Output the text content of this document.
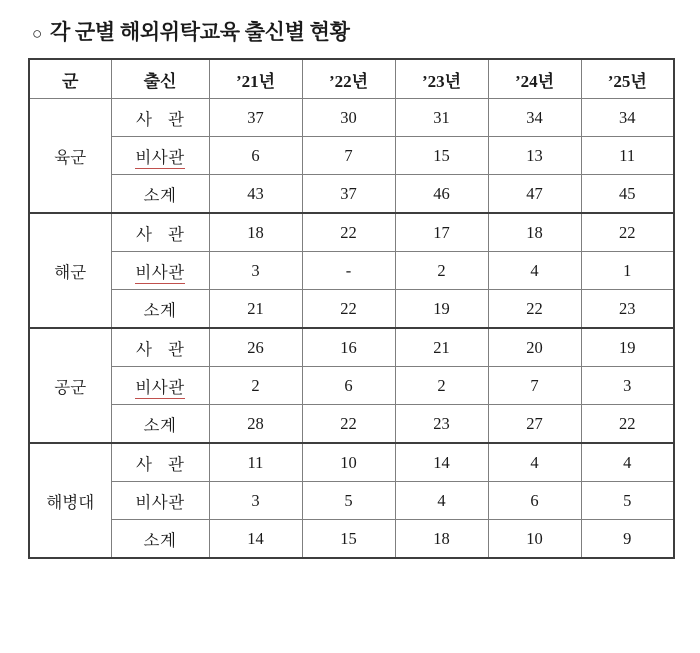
○ 각 군별 해외위탁교육 출신별 현황
군	출신	’21년	’22년	’23년	’24년	’25년
육군	사 관	37	30	31	34	34
	비사관	6	7	15	13	11
	소계	43	37	46	47	45
해군	사 관	18	22	17	18	22
	비사관	3	-	2	4	1
	소계	21	22	19	22	23
공군	사 관	26	16	21	20	19
	비사관	2	6	2	7	3
	소계	28	22	23	27	22
해병대	사 관	11	10	14	4	4
	비사관	3	5	4	6	5
	소계	14	15	18	10	9
